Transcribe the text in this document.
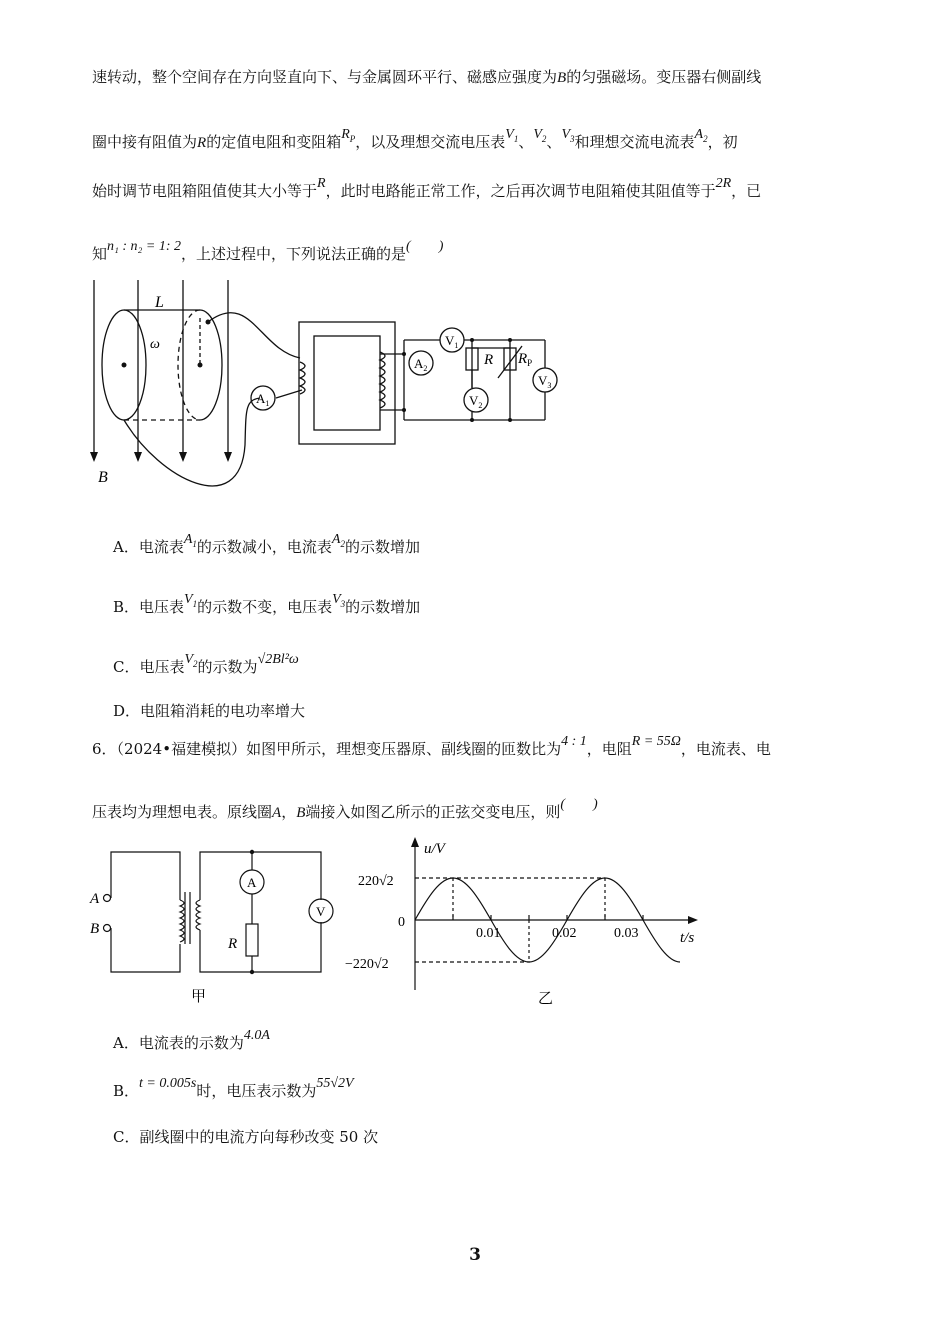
速转动，整个空间存在方向竖直向下、与金属圆环平行、磁感应强度为B的匀强磁场。变压器右侧副线
圈中接有阻值为R的定值电阻和变阻箱$R_P$，以及理想交流电压表$V_1$、$V_2$、$V_3$和理想交流电流表$A_2$，初
始时调节电阻箱阻值使其大小等于R，此时电路能正常工作，之后再次调节电阻箱使其阻值等于2R，已
知n₁ : n₂ = 1: 2，上述过程中，下列说法正确的是(　　)
L
ω
B
$A_1$
$A_2$
$V_1$
$V_2$
$V_3$
R $R_P$
A．电流表$A_1$的示数减小，电流表$A_2$的示数增加
B．电压表$V_1$的示数不变，电压表$V_3$的示数增加
C．电压表$V_2$的示数为√2Bl²ω
D．电阻箱消耗的电功率增大
6．（2024•福建模拟）如图甲所示，理想变压器原、副线圈的匝数比为4 : 1，电阻R = 55Ω，电流表、电
压表均为理想电表。原线圈A，B端接入如图乙所示的正弦交变电压，则(　　)
A
B
A
V
R
甲
u/V
t/s
220√2
−220√2
0
0.01	0.02	0.03
乙
A．电流表的示数为4.0A
B．t = 0.005s时，电压表示数为55√2V
C．副线圈中的电流方向每秒改变 50 次
3
